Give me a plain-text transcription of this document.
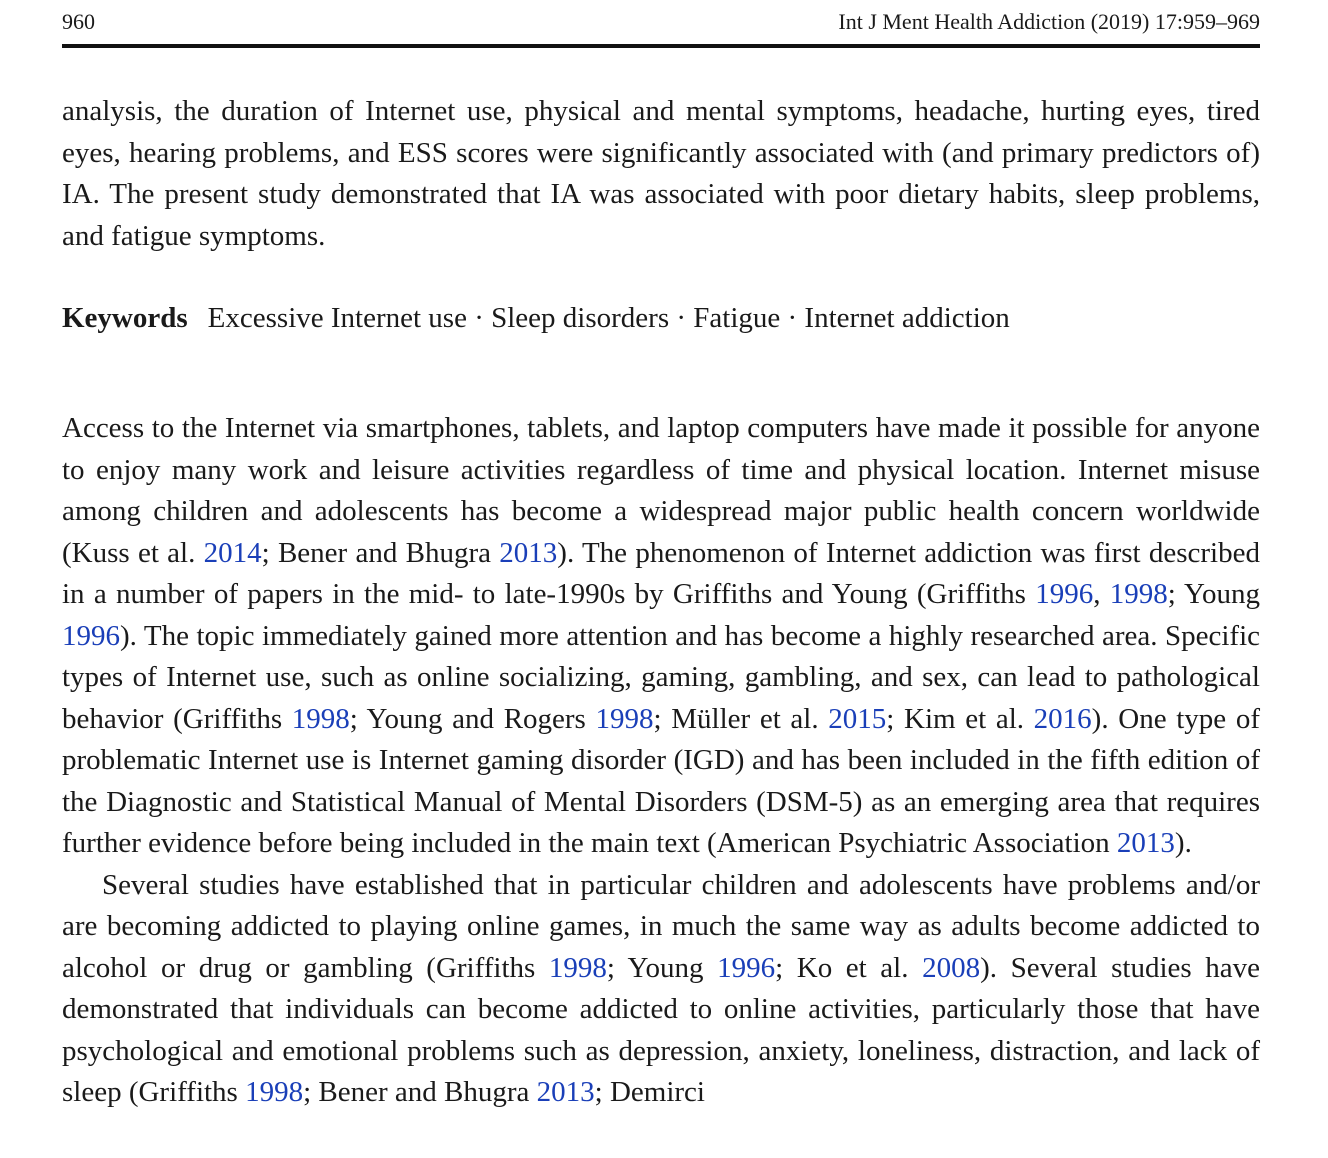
960	Int J Ment Health Addiction (2019) 17:959–969
analysis, the duration of Internet use, physical and mental symptoms, headache, hurting eyes, tired eyes, hearing problems, and ESS scores were significantly associated with (and primary predictors of) IA. The present study demonstrated that IA was associated with poor dietary habits, sleep problems, and fatigue symptoms.
Keywords Excessive Internet use · Sleep disorders · Fatigue · Internet addiction

Access to the Internet via smartphones, tablets, and laptop computers have made it possible for anyone to enjoy many work and leisure activities regardless of time and physical location. Internet misuse among children and adolescents has become a widespread major public health concern worldwide (Kuss et al. 2014; Bener and Bhugra 2013). The phenomenon of Internet addiction was first described in a number of papers in the mid- to late-1990s by Griffiths and Young (Griffiths 1996, 1998; Young 1996). The topic immediately gained more attention and has become a highly researched area. Specific types of Internet use, such as online socializing, gaming, gambling, and sex, can lead to pathological behavior (Griffiths 1998; Young and Rogers 1998; Müller et al. 2015; Kim et al. 2016). One type of problematic Internet use is Internet gaming disorder (IGD) and has been included in the fifth edition of the Diagnostic and Statistical Manual of Mental Disorders (DSM-5) as an emerging area that requires further evidence before being included in the main text (American Psychiatric Association 2013).

Several studies have established that in particular children and adolescents have problems and/or are becoming addicted to playing online games, in much the same way as adults become addicted to alcohol or drug or gambling (Griffiths 1998; Young 1996; Ko et al. 2008). Several studies have demonstrated that individuals can become addicted to online activities, particularly those that have psychological and emotional problems such as depression, anxiety, loneliness, distraction, and lack of sleep (Griffiths 1998; Bener and Bhugra 2013; Demirci
